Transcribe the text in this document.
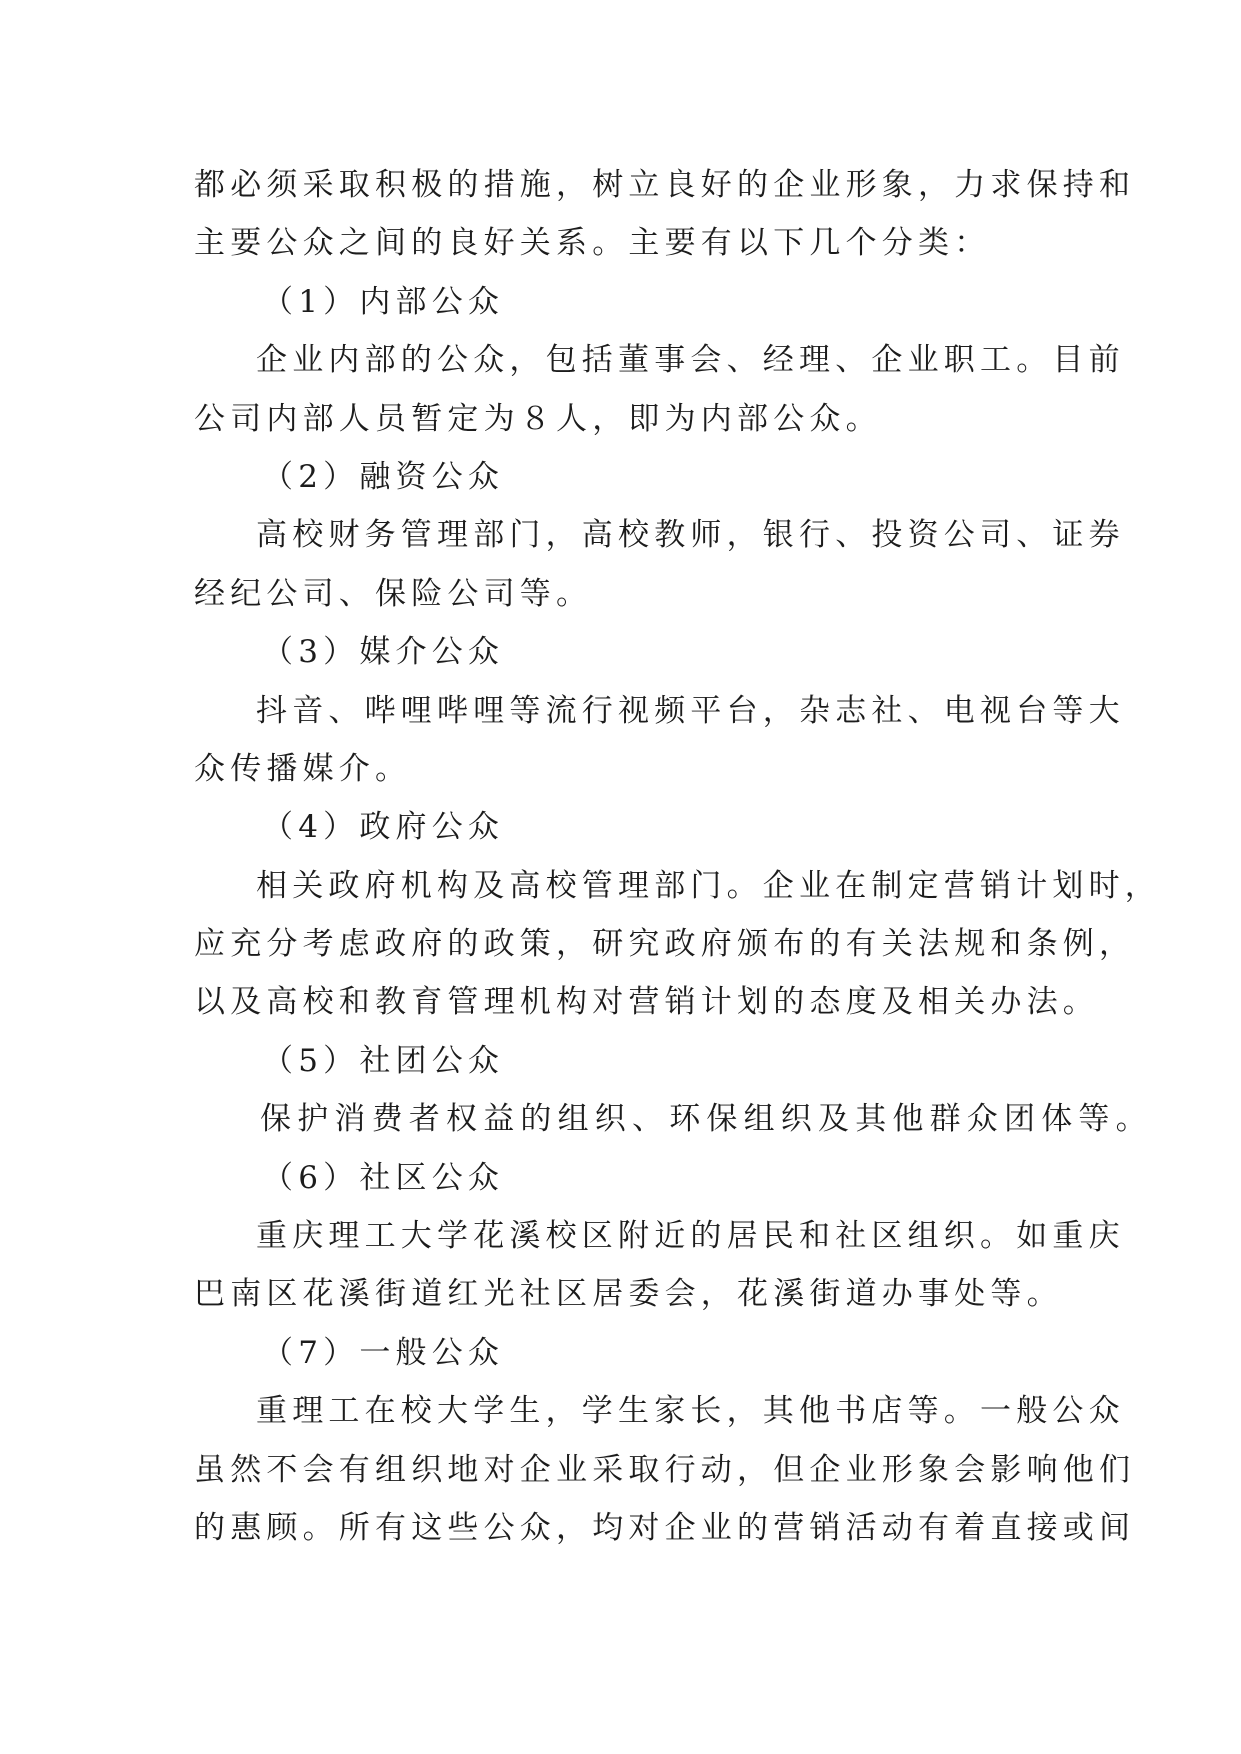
都必须采取积极的措施，树立良好的企业形象，力求保持和
主要公众之间的良好关系。主要有以下几个分类：
（1）内部公众
企业内部的公众，包括董事会、经理、企业职工。目前
公司内部人员暂定为８人，即为内部公众。
（2）融资公众
高校财务管理部门，高校教师，银行、投资公司、证券
经纪公司、保险公司等。
（3）媒介公众
抖音、哔哩哔哩等流行视频平台，杂志社、电视台等大
众传播媒介。
（4）政府公众
相关政府机构及高校管理部门。企业在制定营销计划时，
应充分考虑政府的政策，研究政府颁布的有关法规和条例，
以及高校和教育管理机构对营销计划的态度及相关办法。
（5）社团公众
保护消费者权益的组织、环保组织及其他群众团体等。
（6）社区公众
重庆理工大学花溪校区附近的居民和社区组织。如重庆
巴南区花溪街道红光社区居委会，花溪街道办事处等。
（7）一般公众
重理工在校大学生，学生家长，其他书店等。一般公众
虽然不会有组织地对企业采取行动，但企业形象会影响他们
的惠顾。所有这些公众，均对企业的营销活动有着直接或间
